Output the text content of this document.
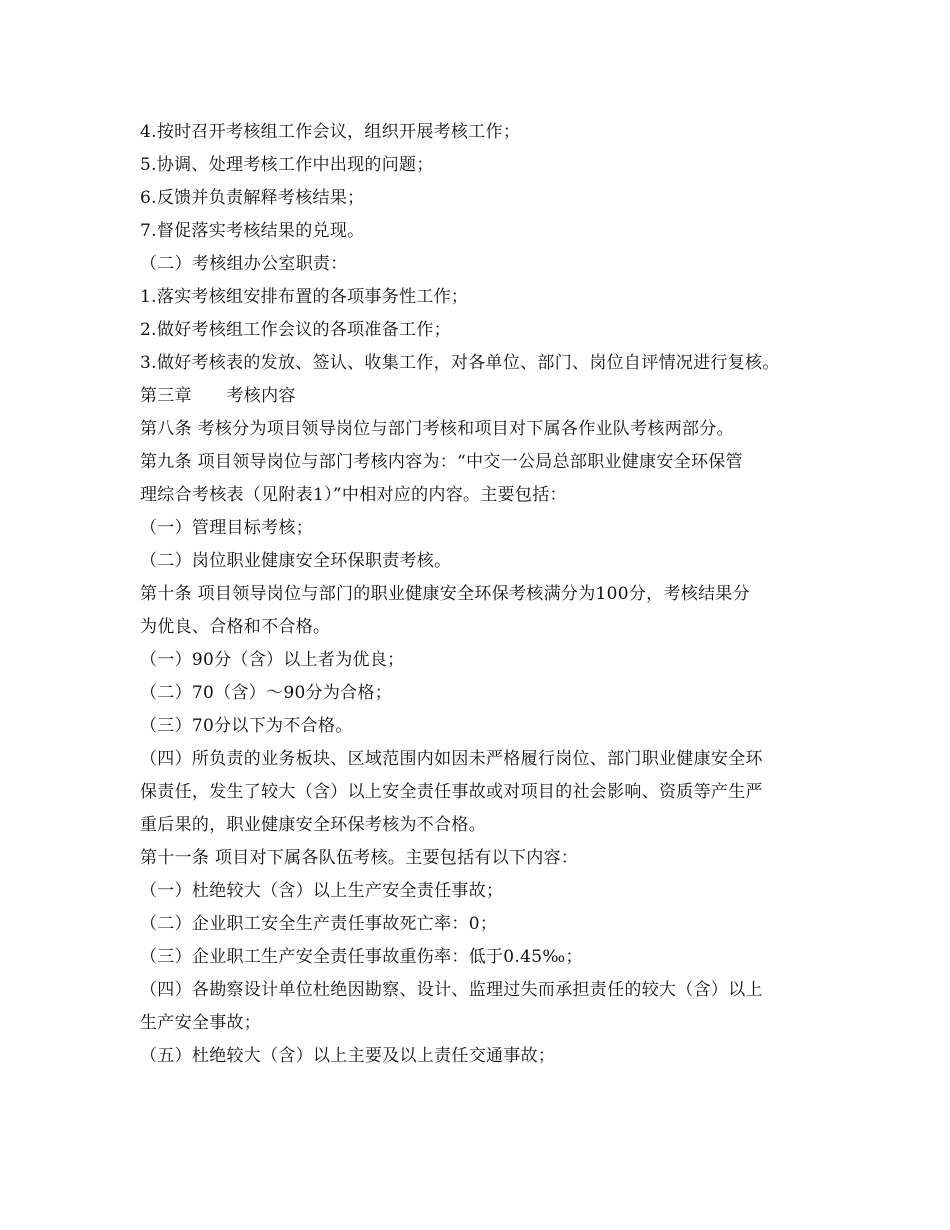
4.按时召开考核组工作会议，组织开展考核工作；
5.协调、处理考核工作中出现的问题；
6.反馈并负责解释考核结果；
7.督促落实考核结果的兑现。
（二）考核组办公室职责：
1.落实考核组安排布置的各项事务性工作；
2.做好考核组工作会议的各项准备工作；
3.做好考核表的发放、签认、收集工作，对各单位、部门、岗位自评情况进行复核。
第三章　　考核内容
第八条 考核分为项目领导岗位与部门考核和项目对下属各作业队考核两部分。
第九条 项目领导岗位与部门考核内容为：“中交一公局总部职业健康安全环保管
理综合考核表（见附表1）”中相对应的内容。主要包括：
（一）管理目标考核；
（二）岗位职业健康安全环保职责考核。
第十条 项目领导岗位与部门的职业健康安全环保考核满分为100分，考核结果分
为优良、合格和不合格。
（一）90分（含）以上者为优良；
（二）70（含）～90分为合格；
（三）70分以下为不合格。
（四）所负责的业务板块、区域范围内如因未严格履行岗位、部门职业健康安全环
保责任，发生了较大（含）以上安全责任事故或对项目的社会影响、资质等产生严
重后果的，职业健康安全环保考核为不合格。
第十一条 项目对下属各队伍考核。主要包括有以下内容：
（一）杜绝较大（含）以上生产安全责任事故；
（二）企业职工安全生产责任事故死亡率：0；
（三）企业职工生产安全责任事故重伤率：低于0.45‰；
（四）各勘察设计单位杜绝因勘察、设计、监理过失而承担责任的较大（含）以上
生产安全事故；
（五）杜绝较大（含）以上主要及以上责任交通事故；
